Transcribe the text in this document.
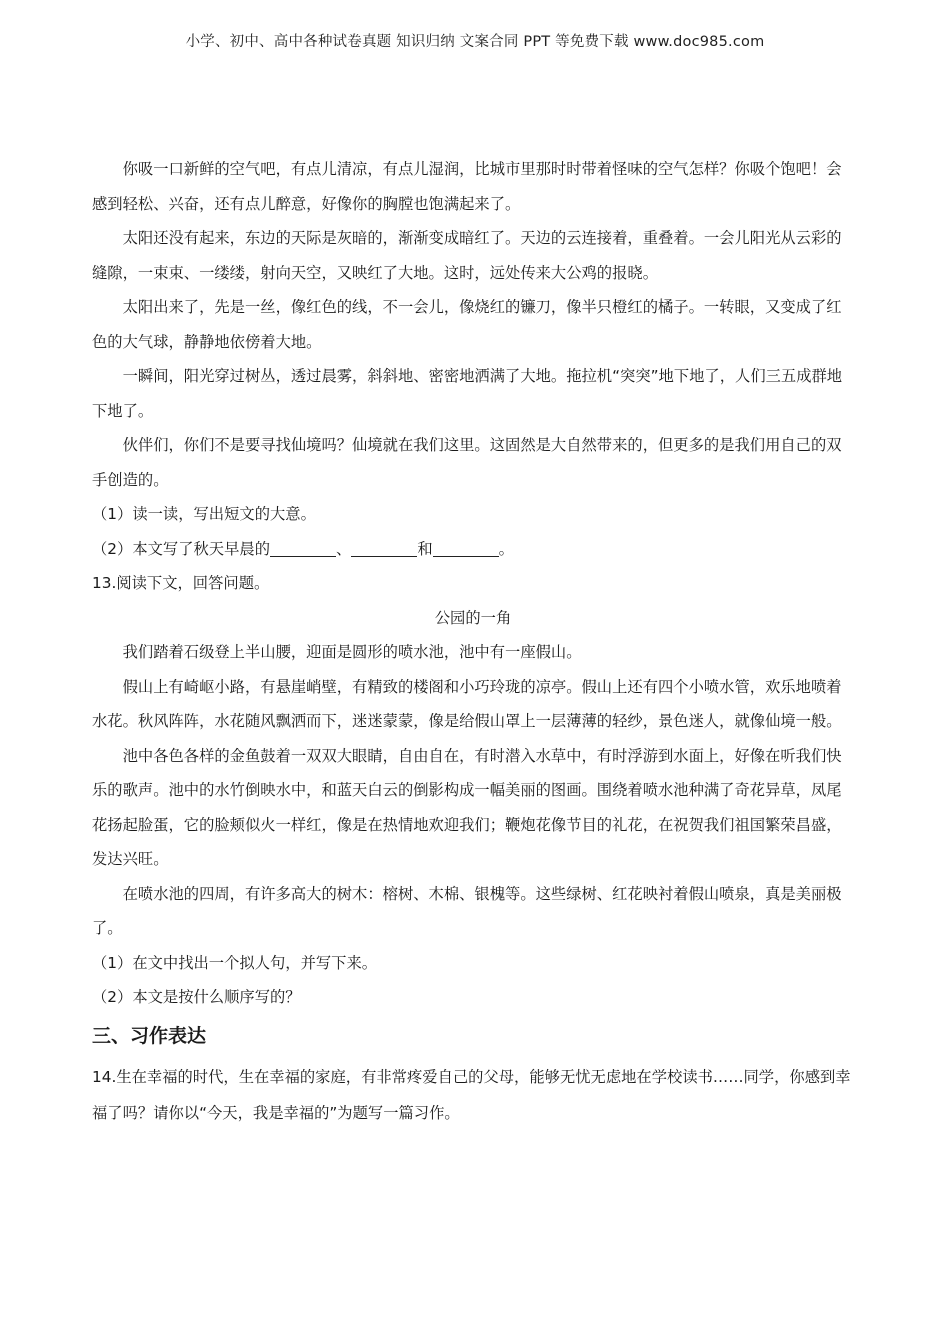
小学、初中、高中各种试卷真题 知识归纳 文案合同 PPT 等免费下载 www.doc985.com

你吸一口新鲜的空气吧，有点儿清凉，有点儿湿润，比城市里那时时带着怪味的空气怎样？你吸个饱吧！会感到轻松、兴奋，还有点儿醉意，好像你的胸膛也饱满起来了。

太阳还没有起来，东边的天际是灰暗的，渐渐变成暗红了。天边的云连接着，重叠着。一会儿阳光从云彩的缝隙，一束束、一缕缕，射向天空，又映红了大地。这时，远处传来大公鸡的报晓。

太阳出来了，先是一丝，像红色的线，不一会儿，像烧红的镰刀，像半只橙红的橘子。一转眼，又变成了红色的大气球，静静地依傍着大地。

一瞬间，阳光穿过树丛，透过晨雾，斜斜地、密密地洒满了大地。拖拉机“突突”地下地了，人们三五成群地下地了。

伙伴们，你们不是要寻找仙境吗？仙境就在我们这里。这固然是大自然带来的，但更多的是我们用自己的双手创造的。

（1）读一读，写出短文的大意。

（2）本文写了秋天早晨的	、	和	。

13.阅读下文，回答问题。

公园的一角

我们踏着石级登上半山腰，迎面是圆形的喷水池，池中有一座假山。

假山上有崎岖小路，有悬崖峭壁，有精致的楼阁和小巧玲珑的凉亭。假山上还有四个小喷水管，欢乐地喷着水花。秋风阵阵，水花随风飘洒而下，迷迷蒙蒙，像是给假山罩上一层薄薄的轻纱，景色迷人，就像仙境一般。

池中各色各样的金鱼鼓着一双双大眼睛，自由自在，有时潜入水草中，有时浮游到水面上，好像在听我们快乐的歌声。池中的水竹倒映水中，和蓝天白云的倒影构成一幅美丽的图画。围绕着喷水池种满了奇花异草，凤尾花扬起脸蛋，它的脸颊似火一样红，像是在热情地欢迎我们；鞭炮花像节目的礼花，在祝贺我们祖国繁荣昌盛，发达兴旺。

在喷水池的四周，有许多高大的树木：榕树、木棉、银槐等。这些绿树、红花映衬着假山喷泉，真是美丽极了。

（1）在文中找出一个拟人句，并写下来。

（2）本文是按什么顺序写的？

三、习作表达

14.生在幸福的时代，生在幸福的家庭，有非常疼爱自己的父母，能够无忧无虑地在学校读书……同学，你感到幸福了吗？请你以“今天，我是幸福的”为题写一篇习作。
